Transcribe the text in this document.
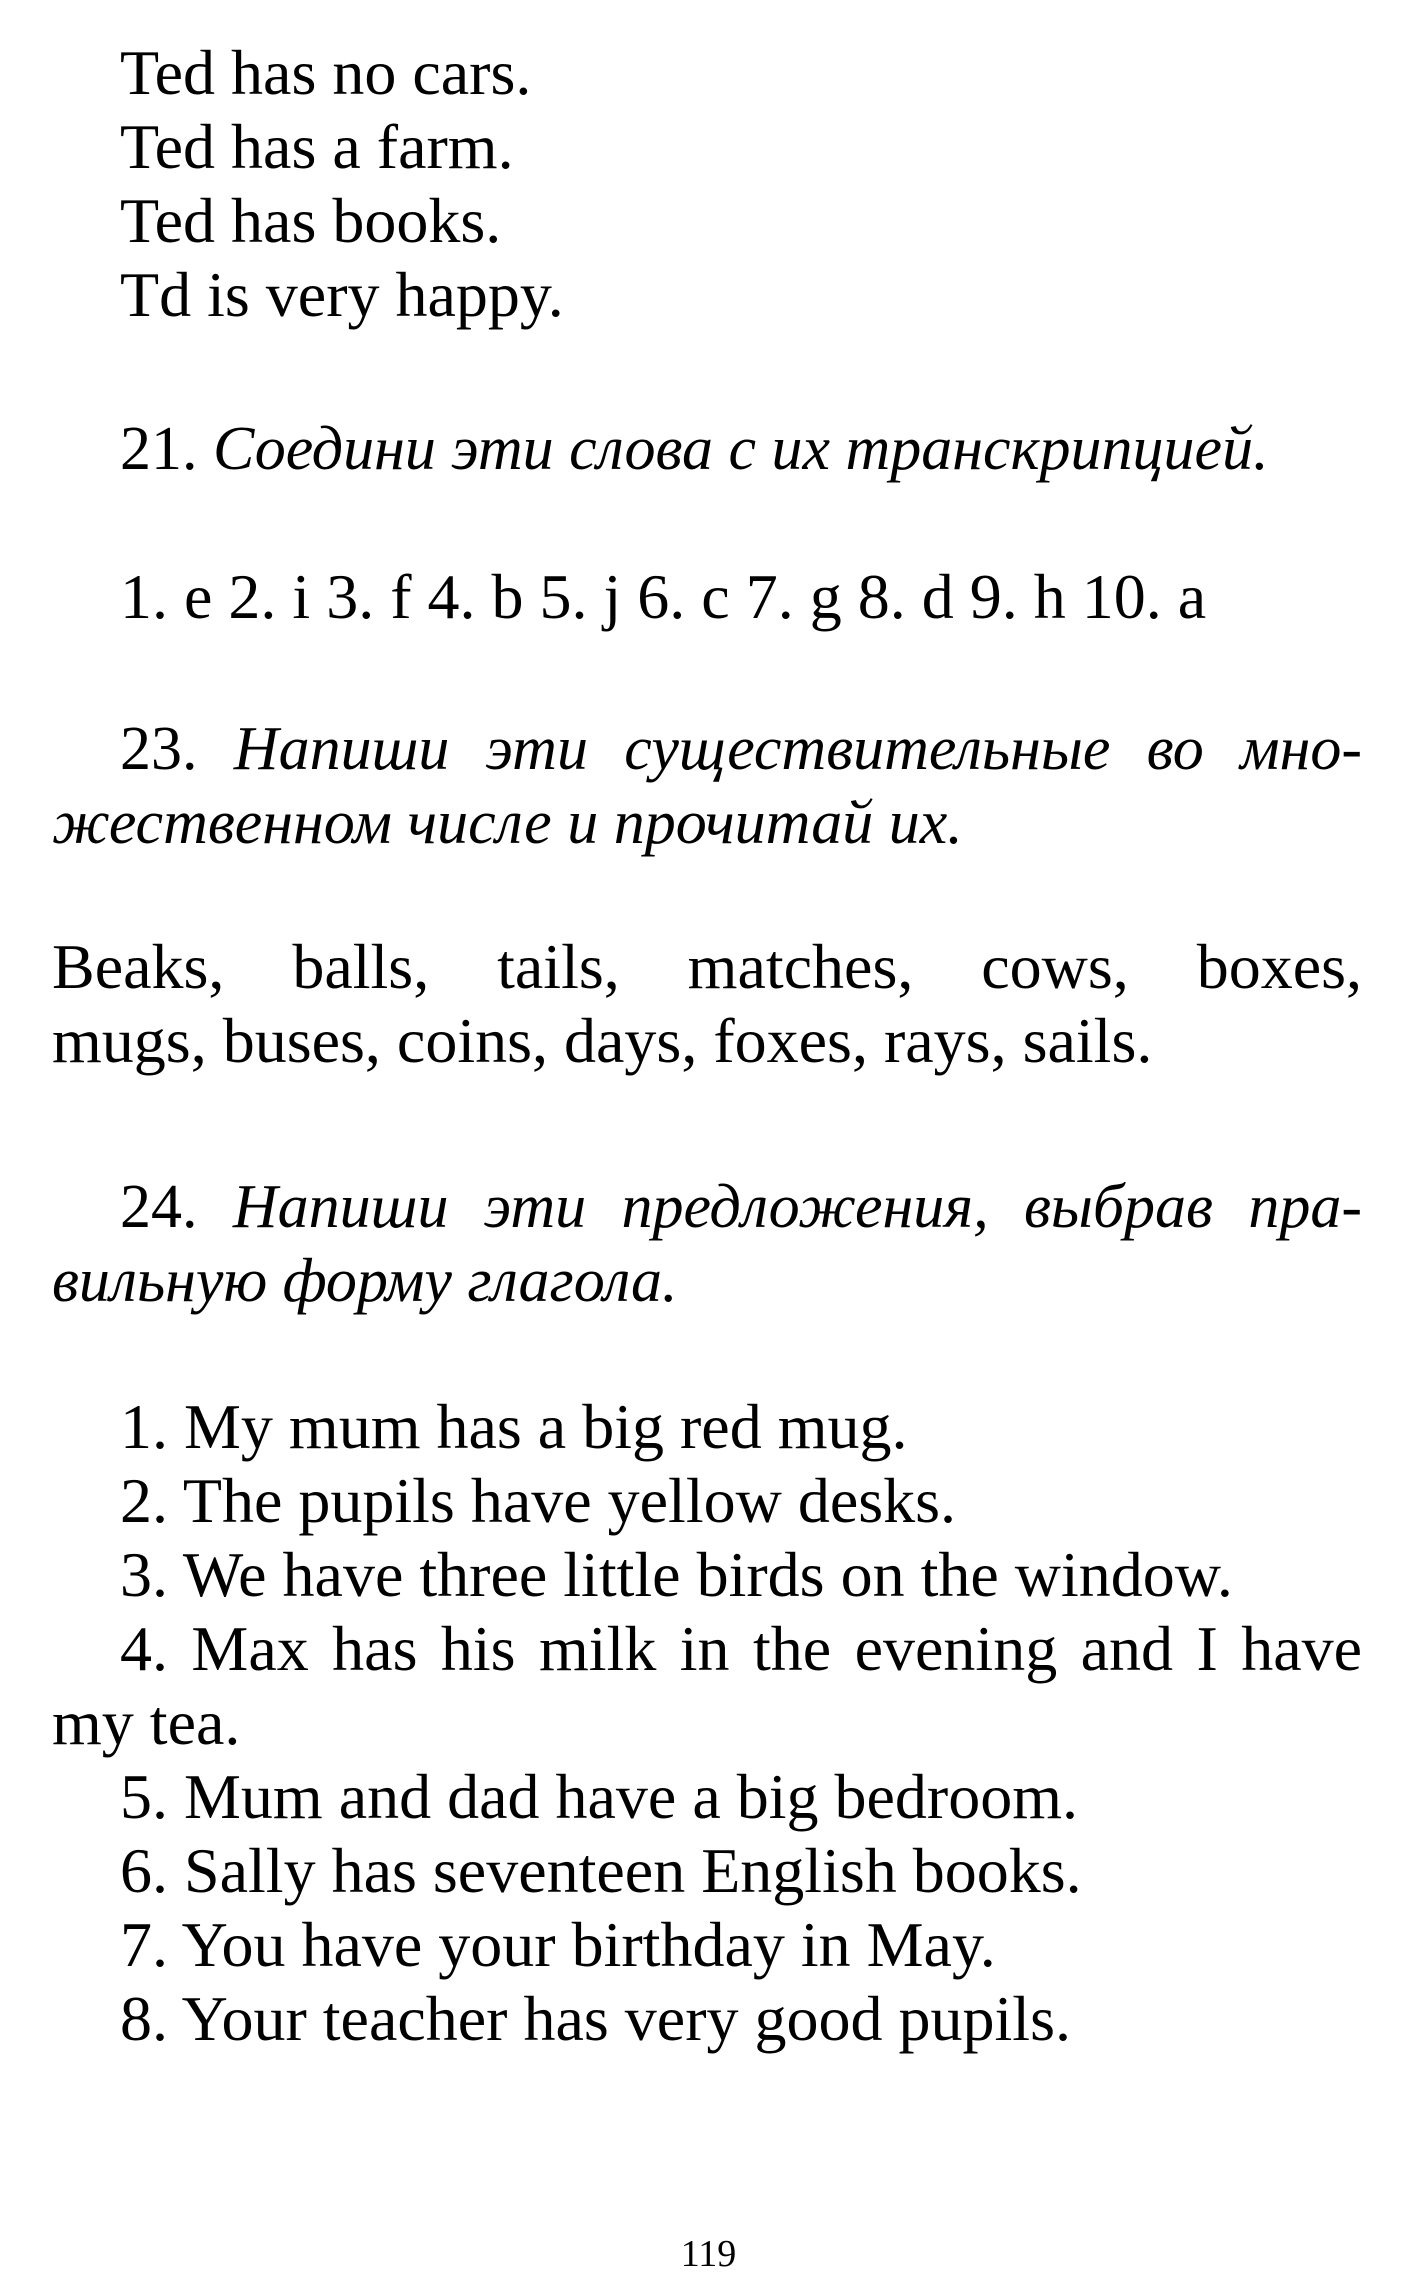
Ted has no cars.
Ted has a farm.
Ted has books.
Td is very happy.
21. Соедини эти слова с их транскрипцией.
1. e 2. i 3. f 4. b 5. j 6. c 7. g 8. d 9. h 10. a
23. Напиши эти существительные во мно-
жественном числе и прочитай их.
Beaks, balls, tails, matches, cows, boxes,
mugs, buses, coins, days, foxes, rays, sails.
24. Напиши эти предложения, выбрав пра-
вильную форму глагола.
1. My mum has a big red mug.
2. The pupils have yellow desks.
3. We have three little birds on the window.
4. Max has his milk in the evening and I have
my tea.
5. Mum and dad have a big bedroom.
6. Sally has seventeen English books.
7. You have your birthday in May.
8. Your teacher has very good pupils.
119
